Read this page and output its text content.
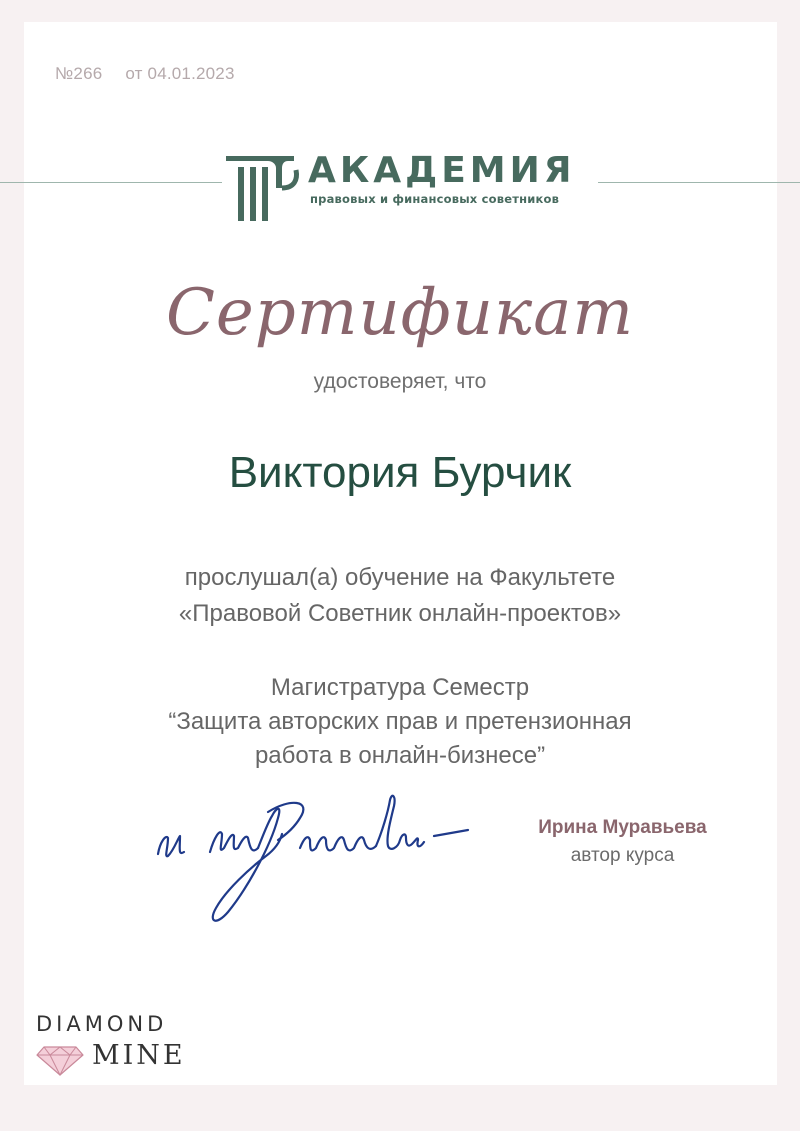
№266 от 04.01.2023
АКАДЕМИЯ
правовых и финансовых советников
Сертификат
удостоверяет, что
Виктория Бурчик
прослушал(а) обучение на Факультете
«Правовой Советник онлайн-проектов»
Магистратура Семестр
“Защита авторских прав и претензионная
работа в онлайн-бизнесе”
Ирина Муравьева
автор курса
DIAMOND
MINE
